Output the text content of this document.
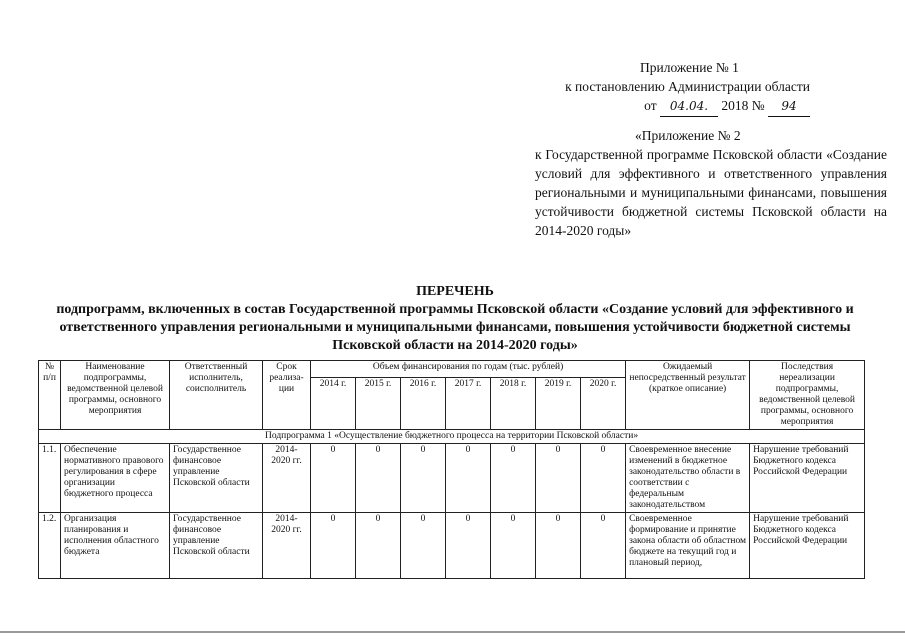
Приложение № 1
к постановлению Администрации области
от 04.04. 2018 № 94
«Приложение № 2
к Государственной программе Псковской области «Создание условий для эффективного и ответственного управления региональными и муниципальными финансами, повышения устойчивости бюджетной системы Псковской области на 2014-2020 годы»
ПЕРЕЧЕНЬ
подпрограмм, включенных в состав Государственной программы Псковской области «Создание условий для эффективного и ответственного управления региональными и муниципальными финансами, повышения устойчивости бюджетной системы Псковской области на 2014-2020 годы»
№ п/п	Наименование подпрограммы, ведомственной целевой программы, основного мероприятия	Ответственный исполнитель, соисполнитель	Срок реализа-ции	Объем финансирования по годам (тыс. рублей)							Ожидаемый непосредственный результат (краткое описание)	Последствия нереализации подпрограммы, ведомственной целевой программы, основного мероприятия
				2014 г.	2015 г.	2016 г.	2017 г.	2018 г.	2019 г.	2020 г.		
Подпрограмма 1 «Осуществление бюджетного процесса на территории Псковской области»												
1.1.	Обеспечение нормативного правового регулирования в сфере организации бюджетного процесса	Государственное финансовое управление Псковской области	2014-2020 гг.	0	0	0	0	0	0	0	Своевременное внесение изменений в бюджетное законодательство области в соответствии с федеральным законодательством	Нарушение требований Бюджетного кодекса Российской Федерации
1.2.	Организация планирования и исполнения областного бюджета	Государственное финансовое управление Псковской области	2014-2020 гг.	0	0	0	0	0	0	0	Своевременное формирование и принятие закона области об областном бюджете на текущий год и плановый период,	Нарушение требований Бюджетного кодекса Российской Федерации
